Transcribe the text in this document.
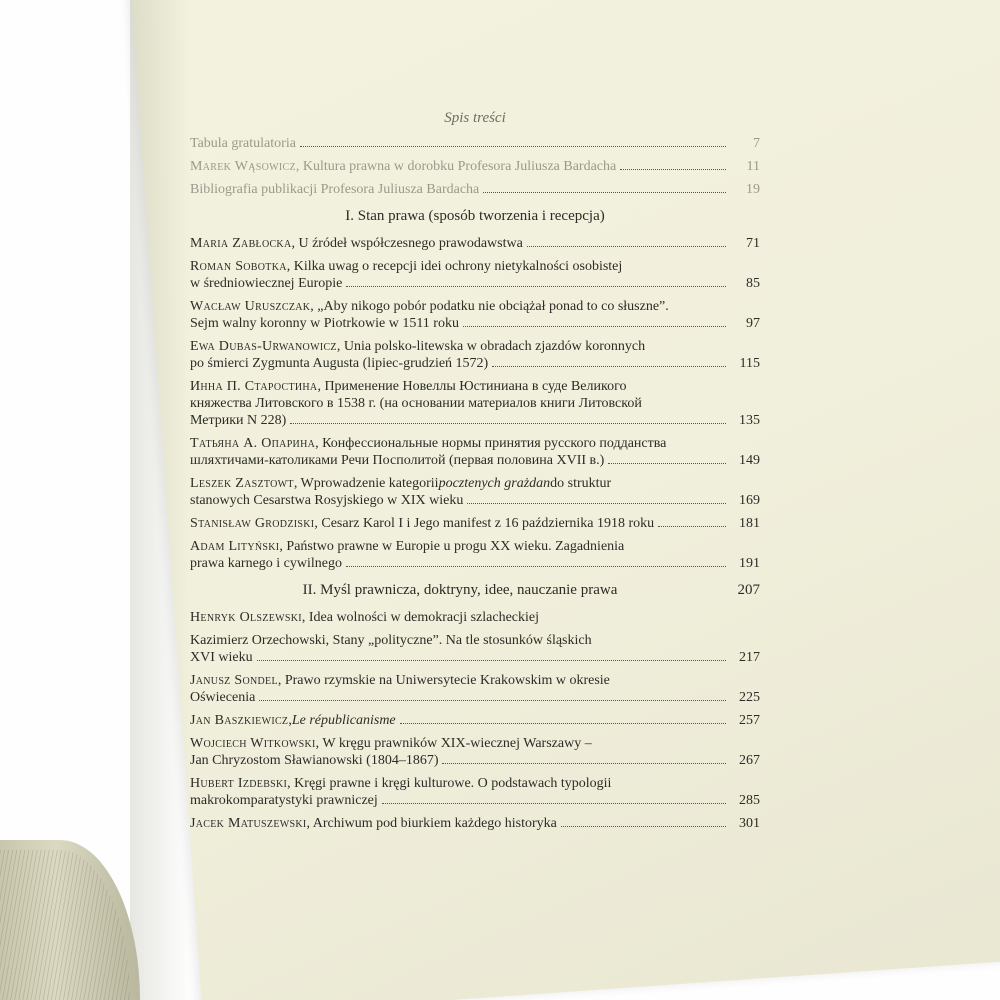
Spis treści
Tabula gratulatoria	7
Marek Wąsowicz , Kultura prawna w dorobku Profesora Juliusza Bardacha	11
Bibliografia publikacji Profesora Juliusza Bardacha	19
I. Stan prawa (sposób tworzenia i recepcja)
Maria Zabłocka , U źródeł współczesnego prawodawstwa	71
Roman Sobotka , Kilka uwag o recepcji idei ochrony nietykalności osobistej
w średniowiecznej Europie	85
Wacław Uruszczak , „Aby nikogo pobór podatku nie obciążał ponad to co słuszne”.
Sejm walny koronny w Piotrkowie w 1511 roku	97
Ewa Dubas-Urwanowicz , Unia polsko-litewska w obradach zjazdów koronnych
po śmierci Zygmunta Augusta (lipiec-grudzień 1572)	115
Инна П. Старостина , Применение Новеллы Юстиниана в суде Великого
княжества Литовского в 1538 г. (на основании материалов книги Литовской
Метрики N 228)	135
Татьяна А. Опарина , Конфессиональные нормы принятия русского подданства
шляхтичами-католиками Речи Посполитой (первая половина XVII в.)	149
Leszek Zasztowt , Wprowadzenie kategorii pocztenych grażdan do struktur
stanowych Cesarstwa Rosyjskiego w XIX wieku	169
Stanisław Grodziski , Cesarz Karol I i Jego manifest z 16 października 1918 roku	181
Adam Lityński , Państwo prawne w Europie u progu XX wieku. Zagadnienia
prawa karnego i cywilnego	191
II. Myśl prawnicza, doktryny, idee, nauczanie prawa	207
Henryk Olszewski , Idea wolności w demokracji szlacheckiej
Kazimierz Orzechowski, Stany „polityczne”. Na tle stosunków śląskich
XVI wieku	217
Janusz Sondel , Prawo rzymskie na Uniwersytecie Krakowskim w okresie
Oświecenia	225
Jan Baszkiewicz , Le républicanisme	257
Wojciech Witkowski , W kręgu prawników XIX-wiecznej Warszawy –
Jan Chryzostom Sławianowski (1804–1867)	267
Hubert Izdebski , Kręgi prawne i kręgi kulturowe. O podstawach typologii
makrokomparatystyki prawniczej	285
Jacek Matuszewski , Archiwum pod biurkiem każdego historyka	301
